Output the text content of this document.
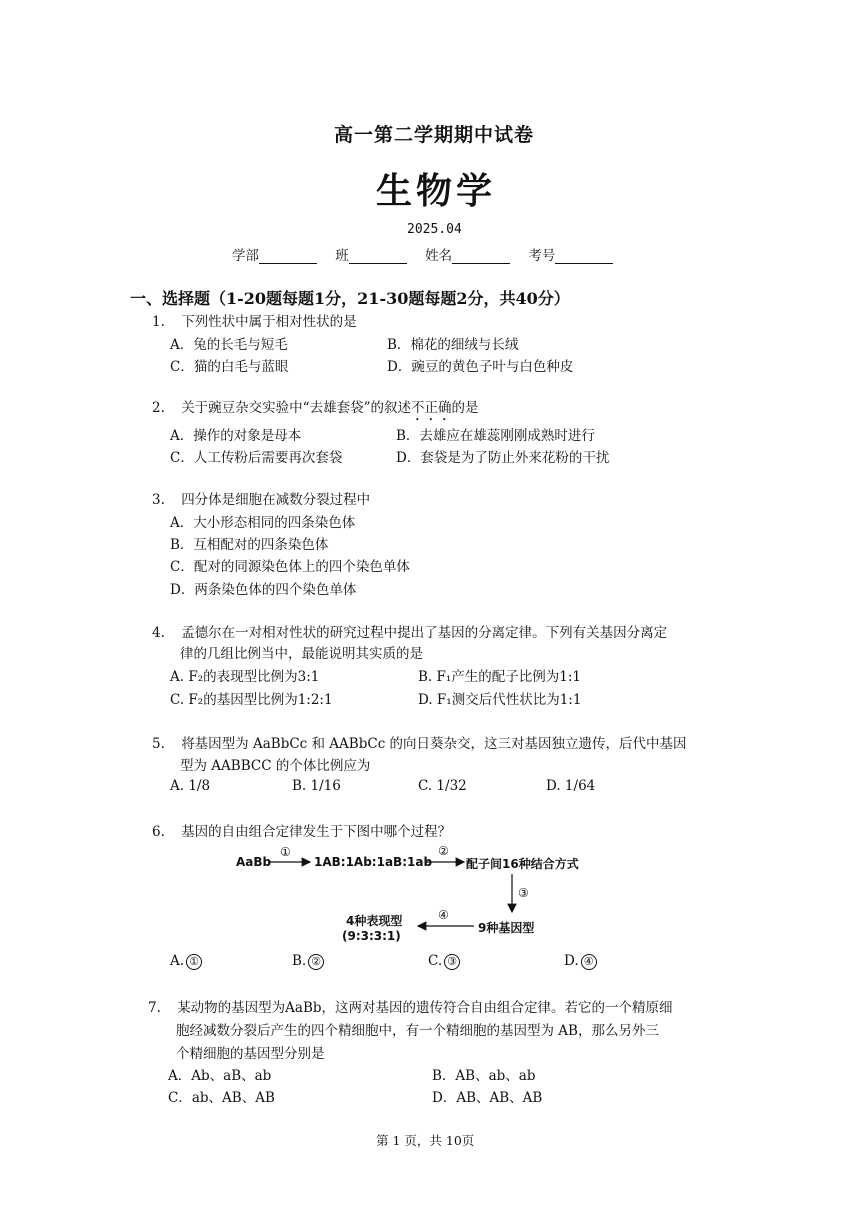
高一第二学期期中试卷
生物学
2025.04
学部	班	姓名	考号
一、选择题（1-20题每题1分，21-30题每题2分，共40分）
1. 下列性状中属于相对性状的是
A．兔的长毛与短毛	B．棉花的细绒与长绒
C．猫的白毛与蓝眼	D．豌豆的黄色子叶与白色种皮
2. 关于豌豆杂交实验中“去雄套袋”的叙述不正确的是
A．操作的对象是母本	B．去雄应在雄蕊刚刚成熟时进行
C．人工传粉后需要再次套袋	D．套袋是为了防止外来花粉的干扰
3. 四分体是细胞在减数分裂过程中
A．大小形态相同的四条染色体
B．互相配对的四条染色体
C．配对的同源染色体上的四个染色单体
D．两条染色体的四个染色单体
4. 孟德尔在一对相对性状的研究过程中提出了基因的分离定律。下列有关基因分离定
律的几组比例当中，最能说明其实质的是
A. F₂的表现型比例为3:1	B. F₁产生的配子比例为1:1
C. F₂的基因型比例为1:2:1	D. F₁测交后代性状比为1:1
5. 将基因型为 AaBbCc 和 AABbCc 的向日葵杂交，这三对基因独立遗传，后代中基因
型为 AABBCC 的个体比例应为
A. 1/8	B. 1/16	C. 1/32	D. 1/64
6. 基因的自由组合定律发生于下图中哪个过程？
AaBb
①
1AB:1Ab:1aB:1ab
②
配子间16种结合方式
③
9种基因型
④
4种表现型
(9:3:3:1)
A. ①	B. ②	C. ③	D. ④
7. 某动物的基因型为AaBb，这两对基因的遗传符合自由组合定律。若它的一个精原细
胞经减数分裂后产生的四个精细胞中，有一个精细胞的基因型为 AB，那么另外三
个精细胞的基因型分别是
A．Ab、aB、ab	B．AB、ab、ab
C．ab、AB、AB	D．AB、AB、AB
第 1 页，共 10页
